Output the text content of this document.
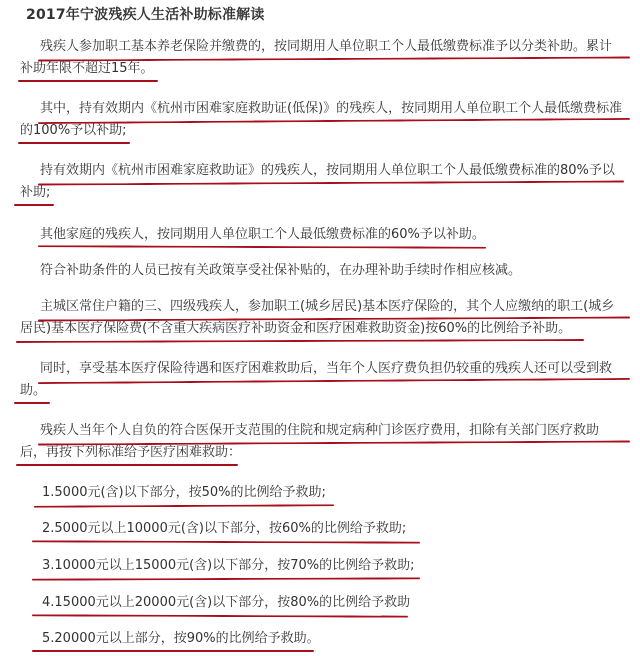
2017年宁波残疾人生活补助标准解读
残疾人参加职工基本养老保险并缴费的，按同期用人单位职工个人最低缴费标准予以分类补助。累计
补助年限不超过15年。
其中，持有效期内《杭州市困难家庭救助证(低保)》的残疾人，按同期用人单位职工个人最低缴费标准
的100%予以补助;
持有效期内《杭州市困难家庭救助证》的残疾人，按同期用人单位职工个人最低缴费标准的80%予以
补助;
其他家庭的残疾人，按同期用人单位职工个人最低缴费标准的60%予以补助。
符合补助条件的人员已按有关政策享受社保补贴的，在办理补助手续时作相应核减。
主城区常住户籍的三、四级残疾人，参加职工(城乡居民)基本医疗保险的，其个人应缴纳的职工(城乡
居民)基本医疗保险费(不含重大疾病医疗补助资金和医疗困难救助资金)按60%的比例给予补助。
同时，享受基本医疗保险待遇和医疗困难救助后，当年个人医疗费负担仍较重的残疾人还可以受到救
助。
残疾人当年个人自负的符合医保开支范围的住院和规定病种门诊医疗费用，扣除有关部门医疗救助
后，再按下列标准给予医疗困难救助：
1.5000元(含)以下部分，按50%的比例给予救助;
2.5000元以上10000元(含)以下部分，按60%的比例给予救助;
3.10000元以上15000元(含)以下部分，按70%的比例给予救助;
4.15000元以上20000元(含)以下部分，按80%的比例给予救助
5.20000元以上部分，按90%的比例给予救助。
